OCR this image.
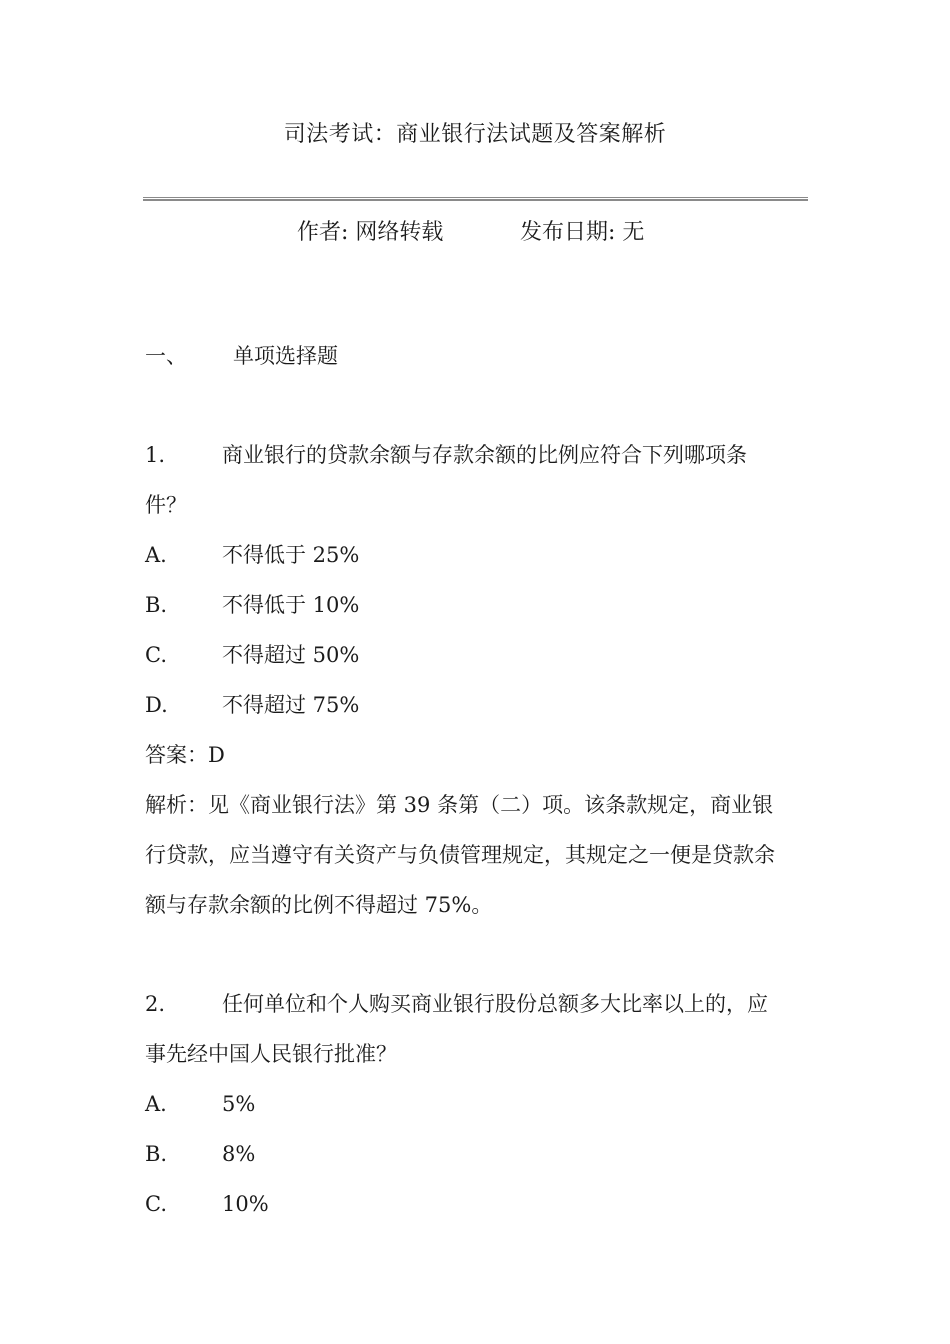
司法考试：商业银行法试题及答案解析
作者: 网络转载	发布日期: 无
一、 单项选择题
1.	商业银行的贷款余额与存款余额的比例应符合下列哪项条
件？
A.	不得低于 25%
B.	不得低于 10%
C.	不得超过 50%
D.	不得超过 75%
答案：D
解析：见《商业银行法》第 39 条第（二）项。该条款规定，商业银
行贷款，应当遵守有关资产与负债管理规定，其规定之一便是贷款余
额与存款余额的比例不得超过 75%。
2.	任何单位和个人购买商业银行股份总额多大比率以上的，应
事先经中国人民银行批准？
A.	5%
B.	8%
C.	10%
